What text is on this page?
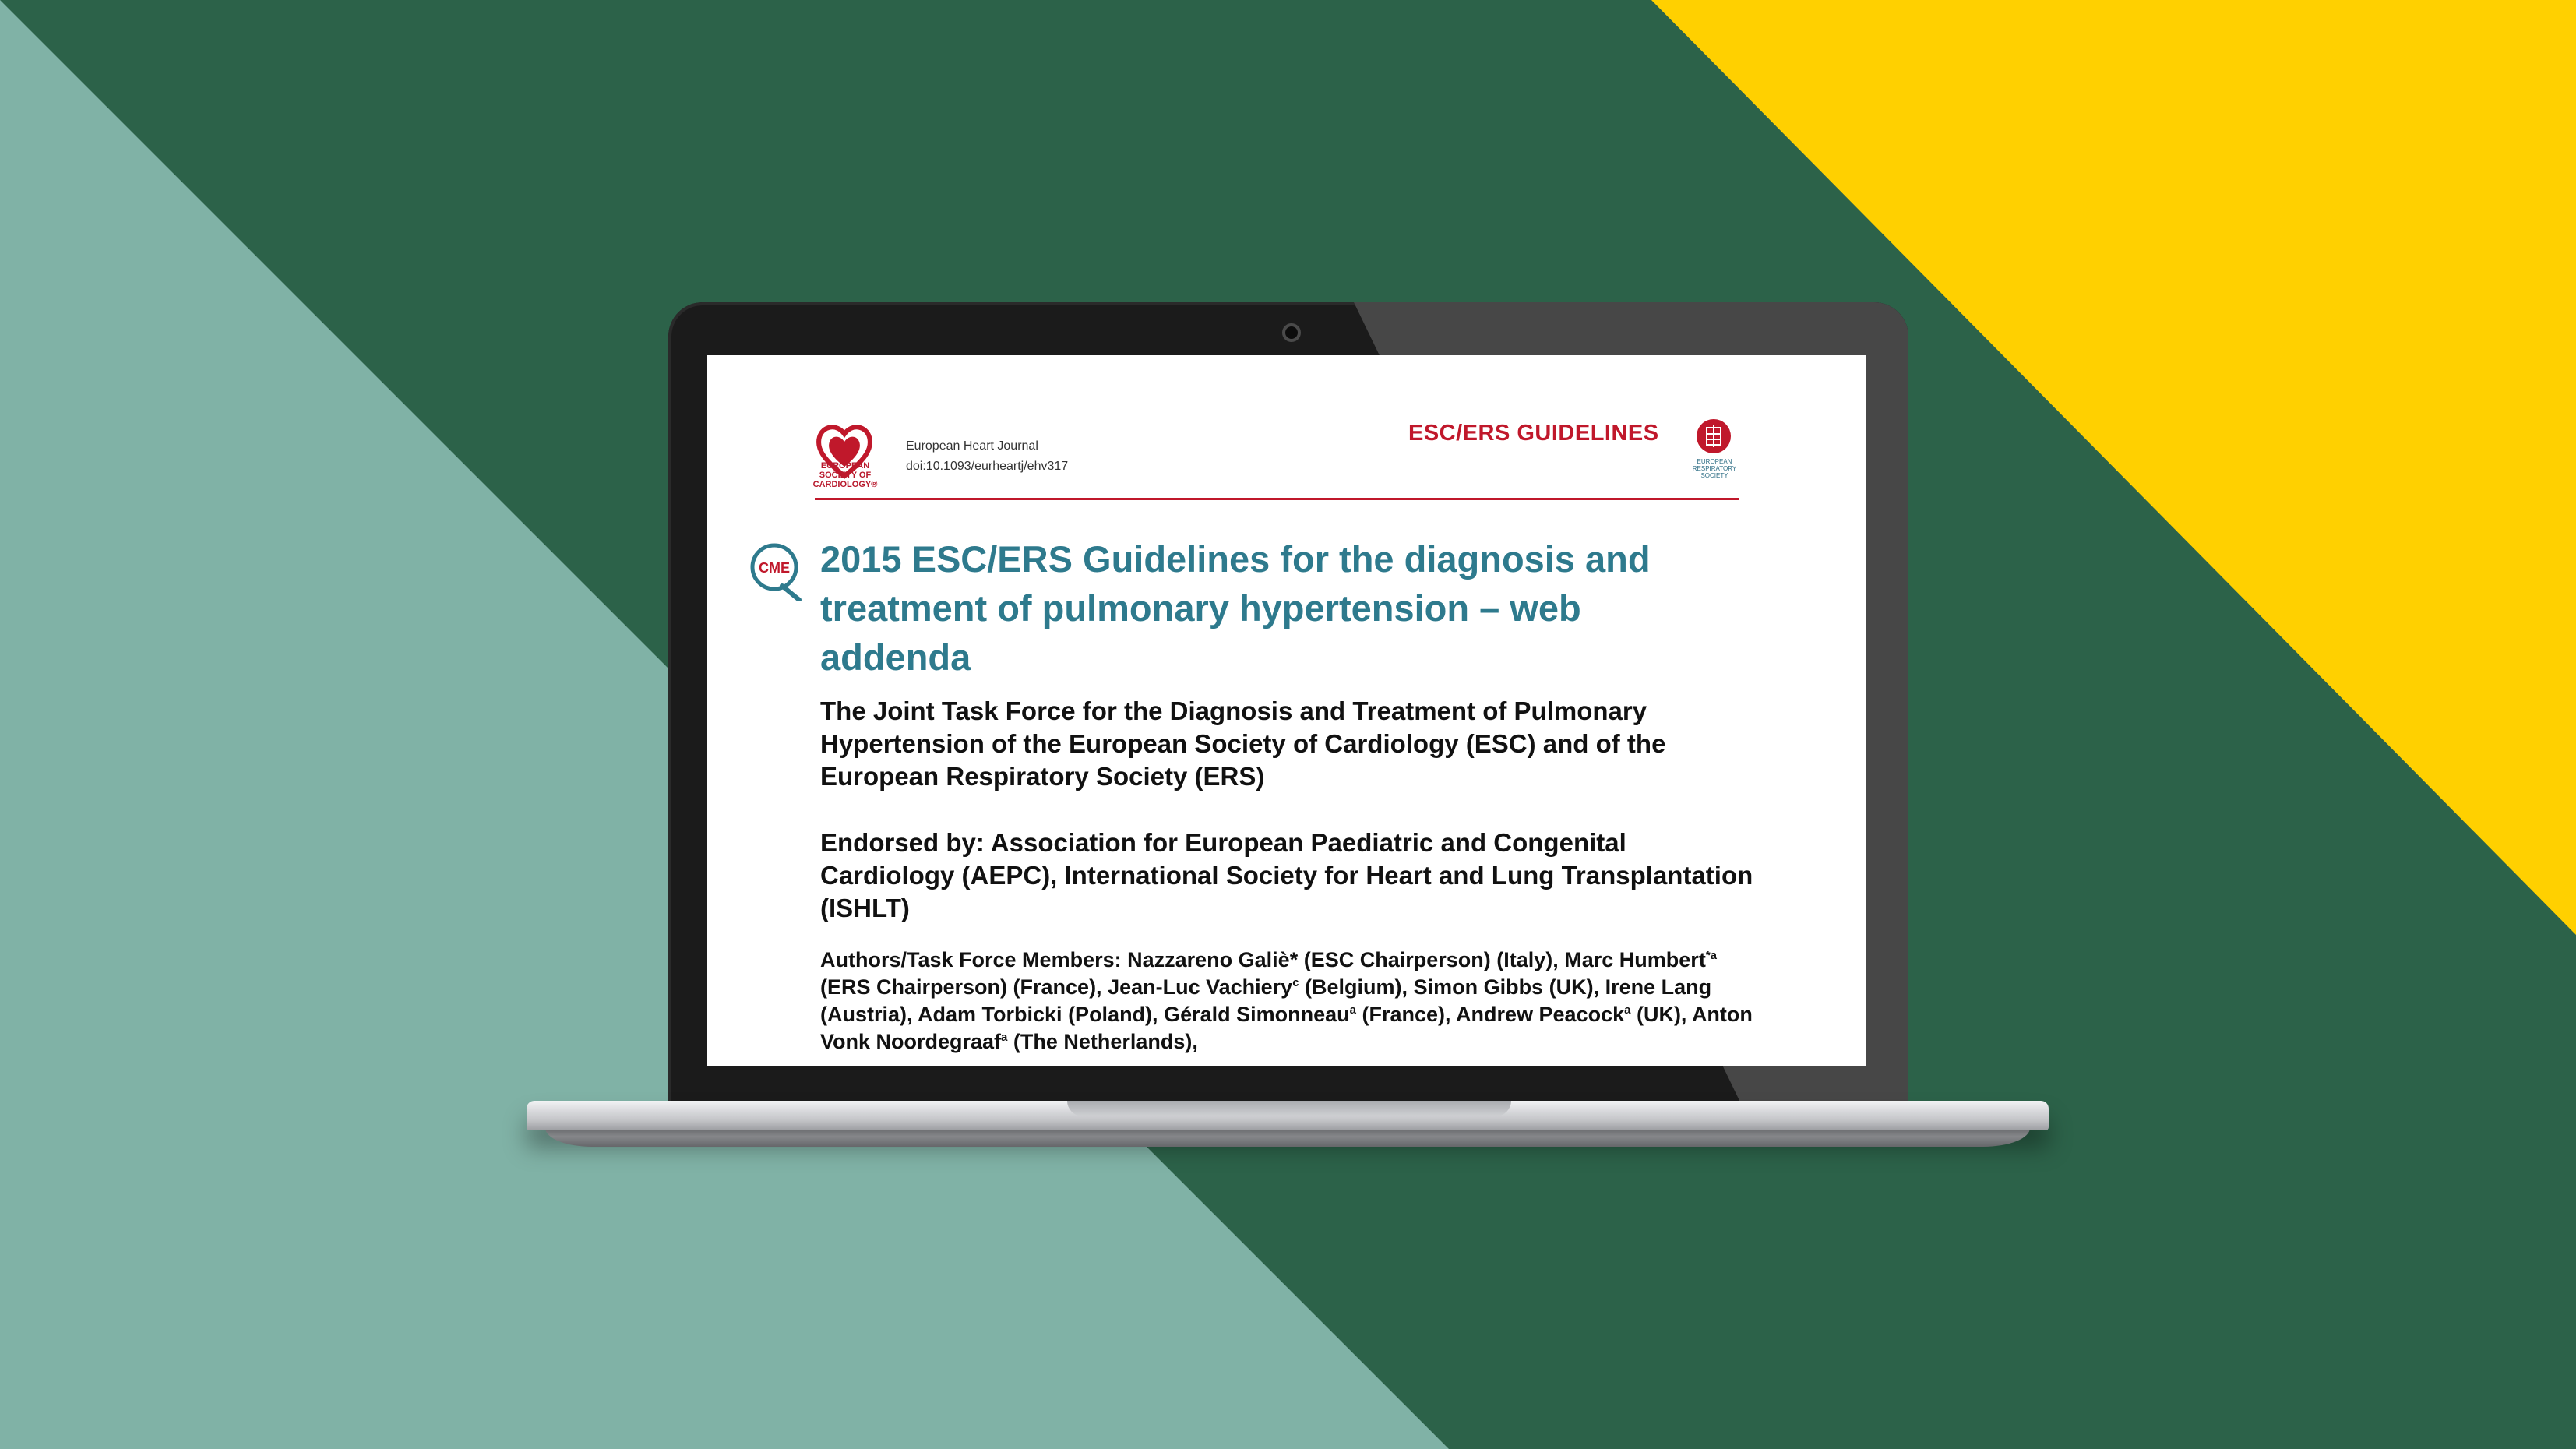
EUROPEAN SOCIETY OF CARDIOLOGY®
European Heart Journal
doi:10.1093/eurheartj/ehv317
ESC/ERS GUIDELINES
EUROPEAN RESPIRATORY SOCIETY
CME 2015 ESC/ERS Guidelines for the diagnosis and treatment of pulmonary hypertension – web addenda

The Joint Task Force for the Diagnosis and Treatment of Pulmonary Hypertension of the European Society of Cardiology (ESC) and of the European Respiratory Society (ERS)

Endorsed by: Association for European Paediatric and Congenital Cardiology (AEPC), International Society for Heart and Lung Transplantation (ISHLT)

Authors/Task Force Members: Nazzareno Galiè* (ESC Chairperson) (Italy), Marc Humbert$^{*a}$ (ERS Chairperson) (France), Jean-Luc Vachiery$^c$ (Belgium), Simon Gibbs (UK), Irene Lang (Austria), Adam Torbicki (Poland), Gérald Simonneau$^a$ (France), Andrew Peacock$^a$ (UK), Anton Vonk Noordegraaf$^a$ (The Netherlands),
